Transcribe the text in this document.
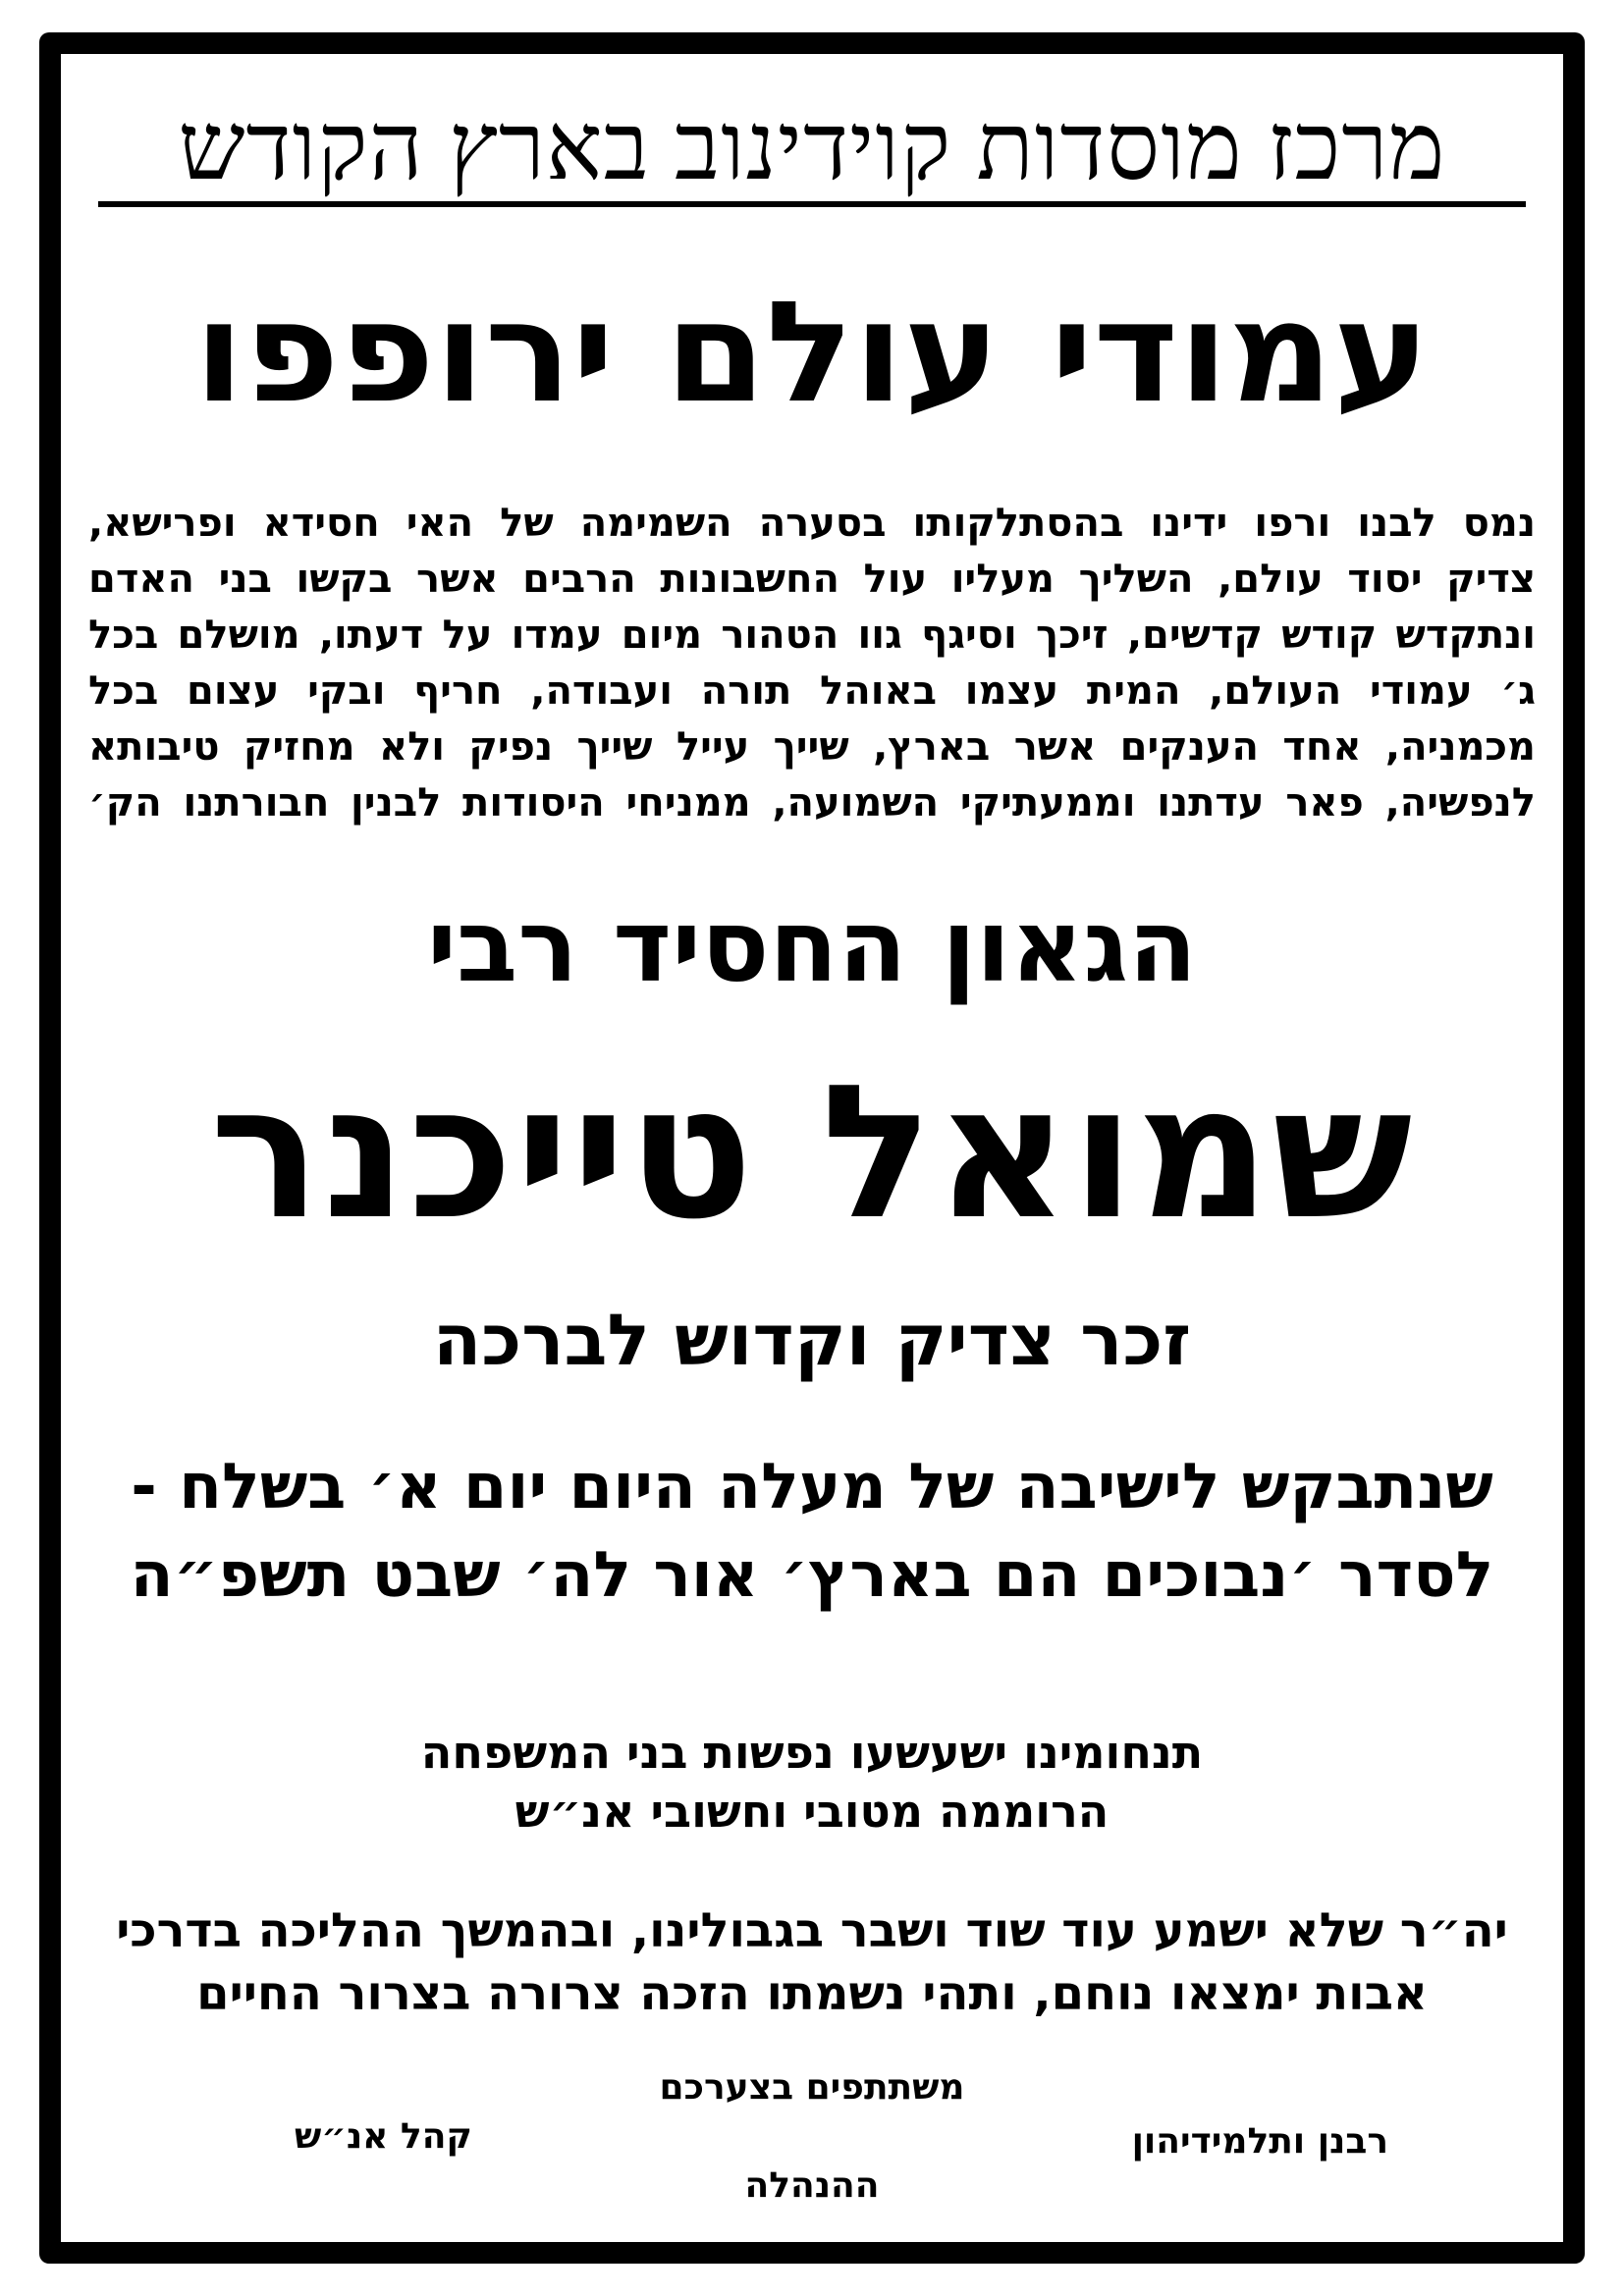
מרכז מוסדות קוידינוב בארץ הקודש
עמודי עולם ירופפו
נמס לבנו ורפו ידינו בהסתלקותו בסערה השמימה של האי חסידא ופרישא,
צדיק יסוד עולם, השליך מעליו עול החשבונות הרבים אשר בקשו בני האדם
ונתקדש קודש קדשים, זיכך וסיגף גוו הטהור מיום עמדו על דעתו, מושלם בכל
ג׳ עמודי העולם, המית עצמו באוהל תורה ועבודה, חריף ובקי עצום בכל
מכמניה, אחד הענקים אשר בארץ, שייך עייל שייך נפיק ולא מחזיק טיבותא
לנפשיה, פאר עדתנו וממעתיקי השמועה, ממניחי היסודות לבנין חבורתנו הק׳
הגאון החסיד רבי
שמואל טייכנר
זכר צדיק וקדוש לברכה
שנתבקש לישיבה של מעלה היום יום א׳ בשלח -
לסדר ׳נבוכים הם בארץ׳ אור לה׳ שבט תשפ״ה
תנחומינו ישעשעו נפשות בני המשפחה
הרוממה מטובי וחשובי אנ״ש
יה״ר שלא ישמע עוד שוד ושבר בגבולינו, ובהמשך ההליכה בדרכי
אבות ימצאו נוחם, ותהי נשמתו הזכה צרורה בצרור החיים
משתתפים בצערכם
רבנן ותלמידיהון
קהל אנ״ש
ההנהלה
